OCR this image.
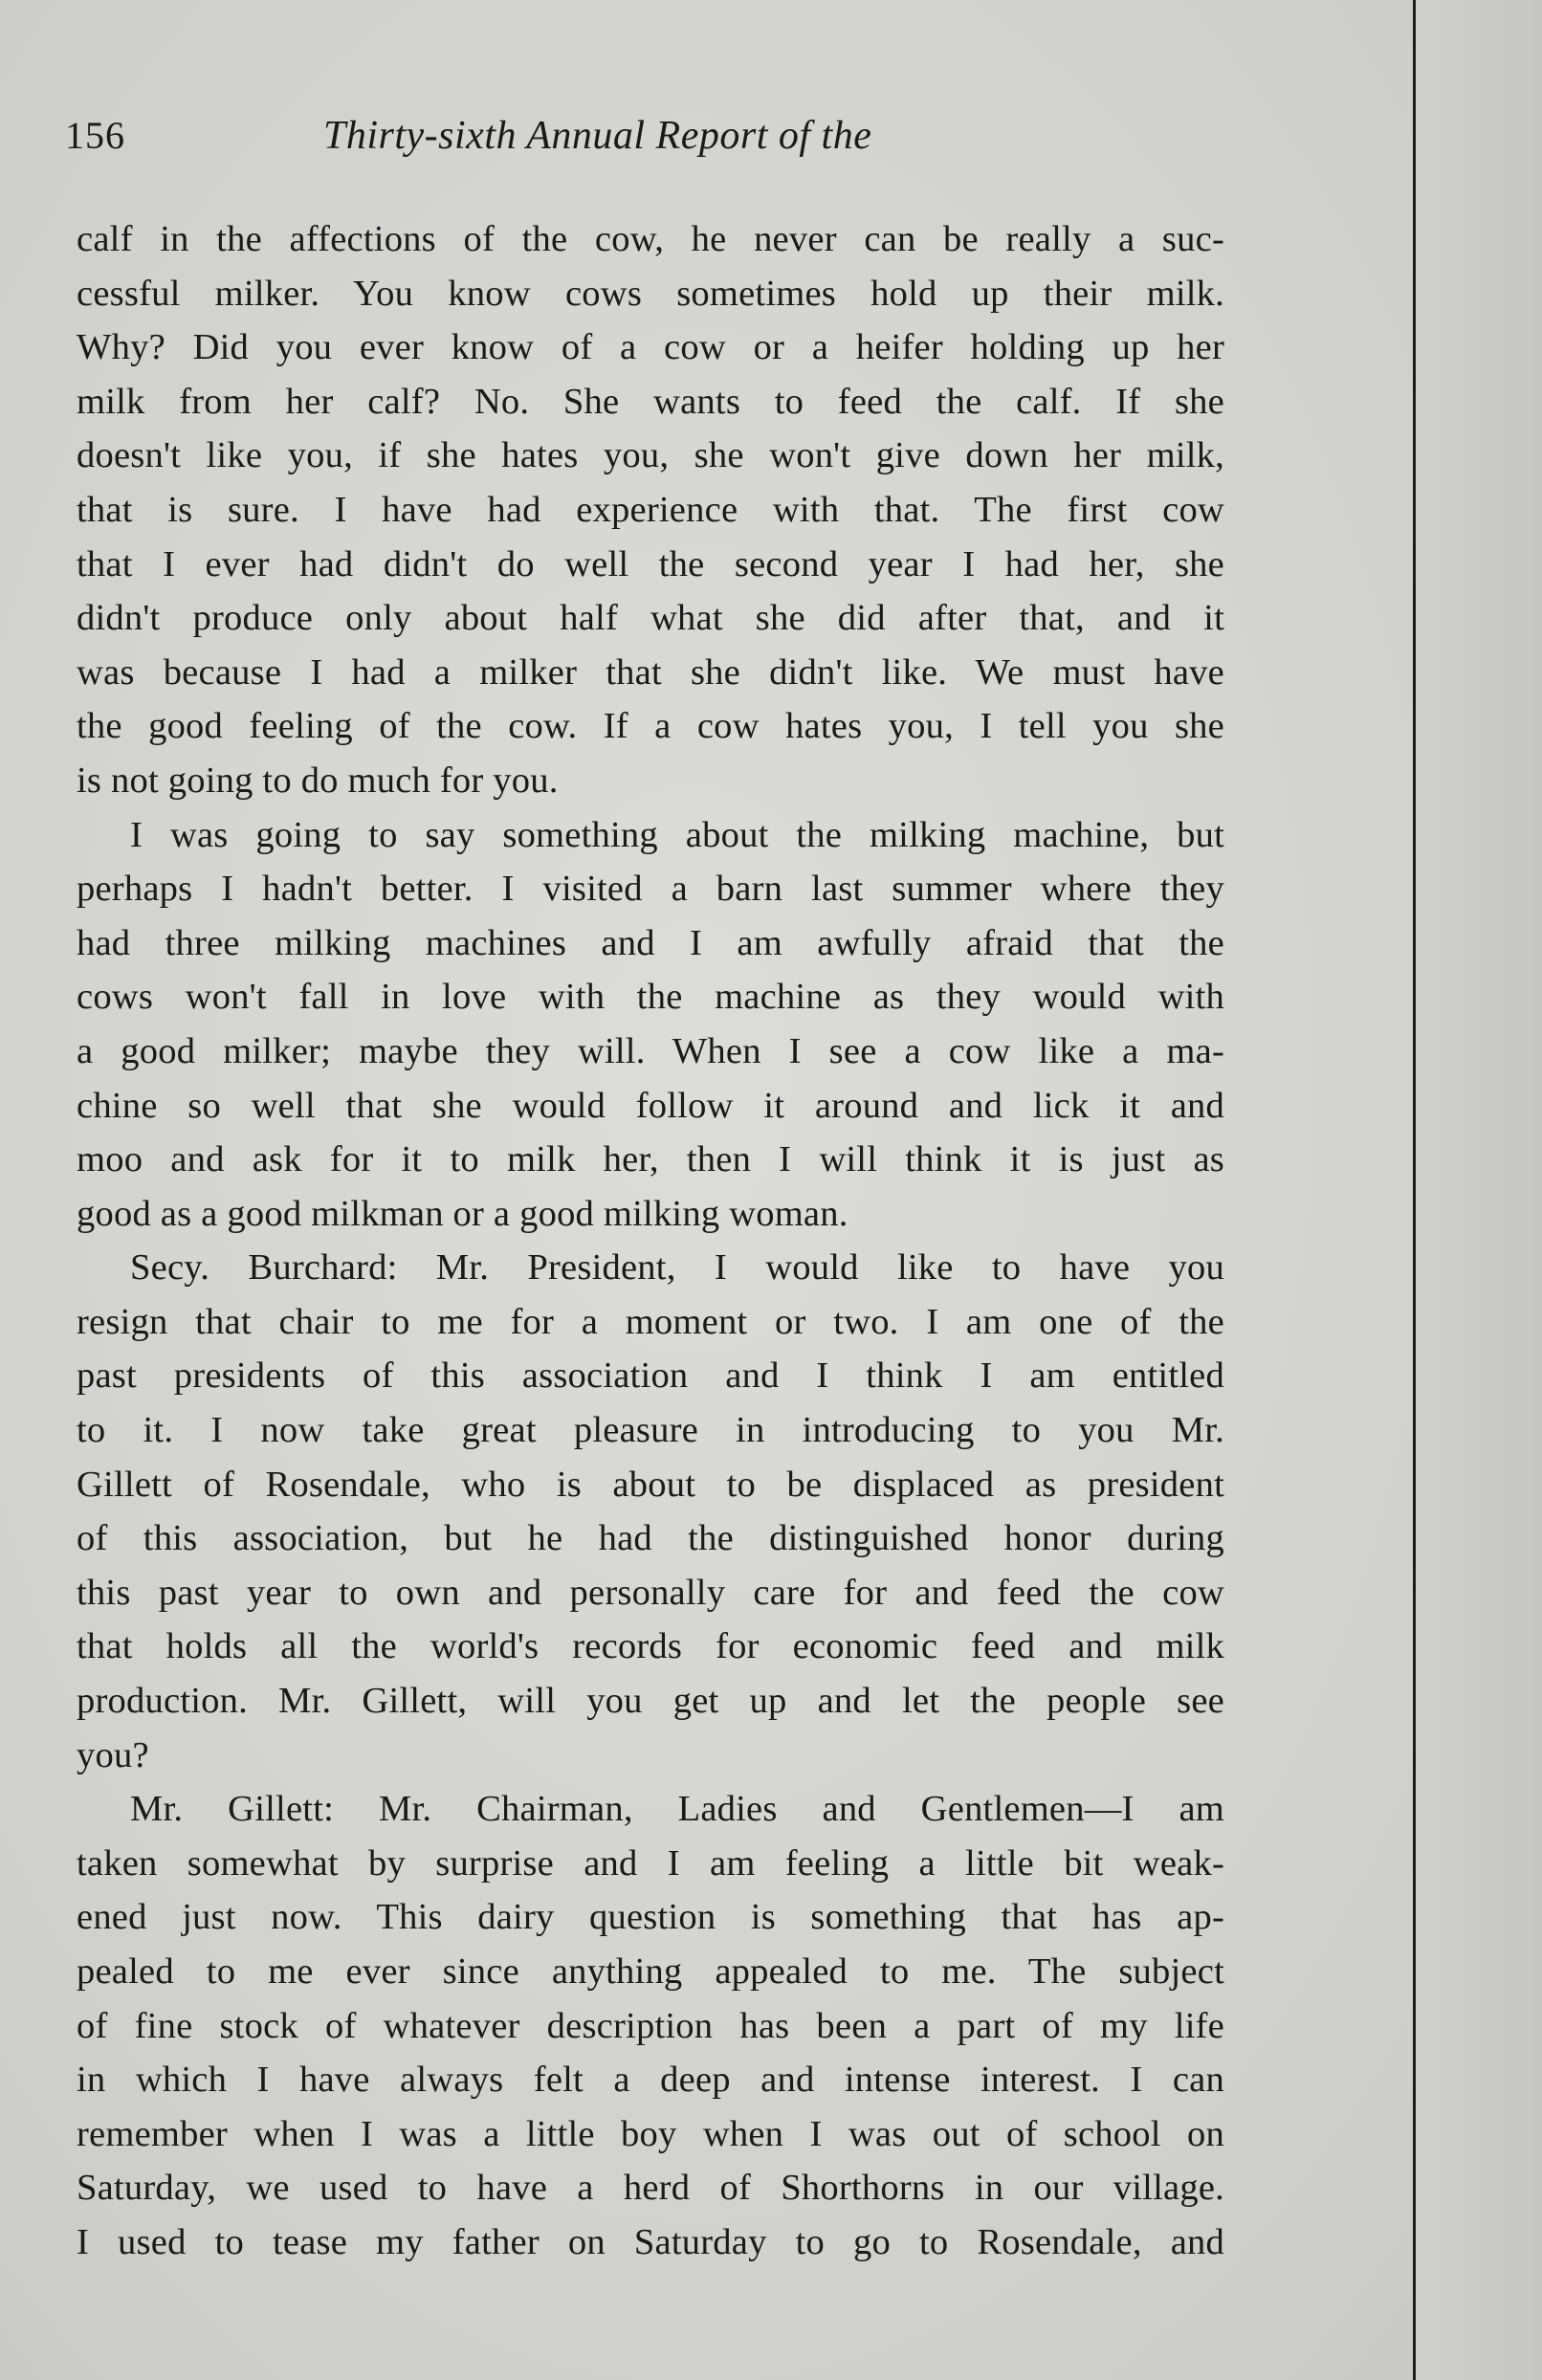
156	Thirty-sixth Annual Report of the
calf in the affections of the cow, he never can be really a suc-
cessful milker. You know cows sometimes hold up their milk.
Why? Did you ever know of a cow or a heifer holding up her
milk from her calf? No. She wants to feed the calf. If she
doesn't like you, if she hates you, she won't give down her milk,
that is sure. I have had experience with that. The first cow
that I ever had didn't do well the second year I had her, she
didn't produce only about half what she did after that, and it
was because I had a milker that she didn't like. We must have
the good feeling of the cow. If a cow hates you, I tell you she
is not going to do much for you.
I was going to say something about the milking machine, but
perhaps I hadn't better. I visited a barn last summer where they
had three milking machines and I am awfully afraid that the
cows won't fall in love with the machine as they would with
a good milker; maybe they will. When I see a cow like a ma-
chine so well that she would follow it around and lick it and
moo and ask for it to milk her, then I will think it is just as
good as a good milkman or a good milking woman.
Secy. Burchard: Mr. President, I would like to have you
resign that chair to me for a moment or two. I am one of the
past presidents of this association and I think I am entitled
to it. I now take great pleasure in introducing to you Mr.
Gillett of Rosendale, who is about to be displaced as president
of this association, but he had the distinguished honor during
this past year to own and personally care for and feed the cow
that holds all the world's records for economic feed and milk
production. Mr. Gillett, will you get up and let the people see
you?
Mr. Gillett: Mr. Chairman, Ladies and Gentlemen—I am
taken somewhat by surprise and I am feeling a little bit weak-
ened just now. This dairy question is something that has ap-
pealed to me ever since anything appealed to me. The subject
of fine stock of whatever description has been a part of my life
in which I have always felt a deep and intense interest. I can
remember when I was a little boy when I was out of school on
Saturday, we used to have a herd of Shorthorns in our village.
I used to tease my father on Saturday to go to Rosendale, and
